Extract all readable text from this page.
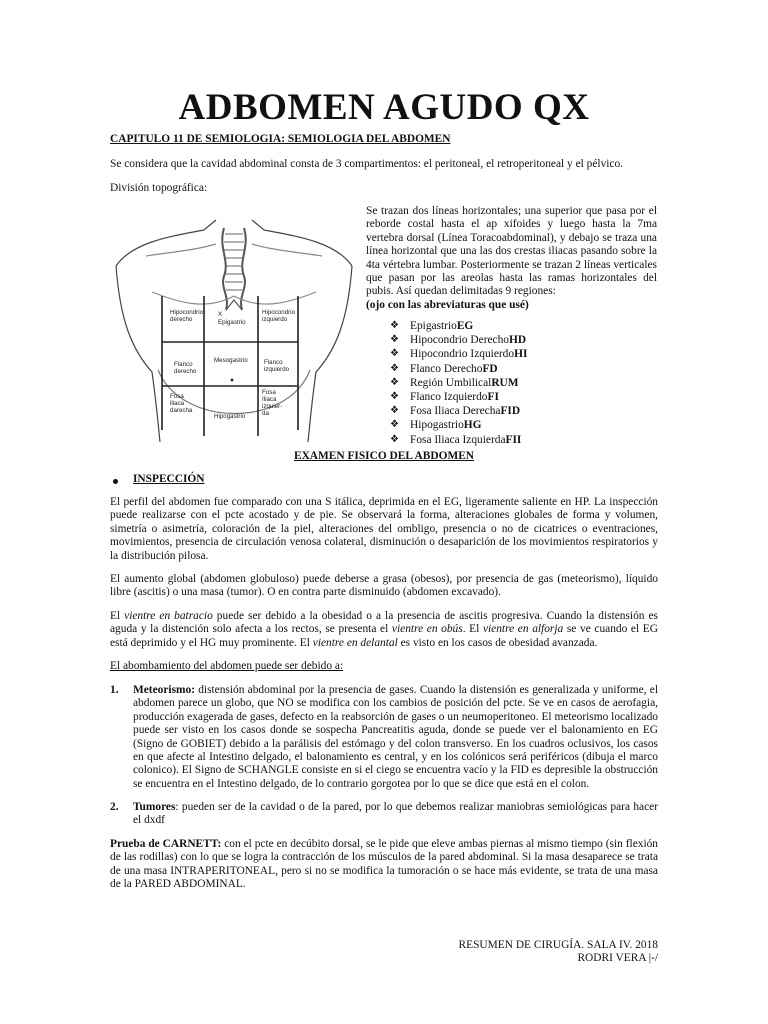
ADBOMEN AGUDO QX

CAPITULO 11 DE SEMIOLOGIA: SEMIOLOGIA DEL ABDOMEN

Se considera que la cavidad abdominal consta de 3 compartimentos: el peritoneal, el retroperitoneal y el pélvico.

División topográfica:

Hipocondrio derecho
X
Epigastrio
Hipocondrio izquierdo
Flanco derecho
Mesogastrio	Flanco izquierdo
Fosa iliaca darecha
Hipogastrio
Fosa Iliaca izquier-da

Se trazan dos líneas horizontales; una superior que pasa por el reborde costal hasta el ap xifoides y luego hasta la 7ma vertebra dorsal (Línea Toracoabdominal), y debajo se traza una línea horizontal que una las dos crestas iliacas pasando sobre la 4ta vértebra lumbar. Posteriormente se trazan 2 líneas verticales que pasan por las areolas hasta las ramas horizontales del pubis. Así quedan delimitadas 9 regiones:
(ojo con las abreviaturas que usé)

❖ Epigastrio EG
❖ Hipocondrio Derecho HD
❖ Hipocondrio Izquierdo HI
❖ Flanco Derecho FD
❖ Región Umbilical RUM
❖ Flanco Izquierdo FI
❖ Fosa Iliaca Derecha FID
❖ Hipogastrio HG
❖ Fosa Iliaca Izquierda FII

EXAMEN FISICO DEL ABDOMEN

INSPECCIÓN

El perfil del abdomen fue comparado con una S itálica, deprimida en el EG, ligeramente saliente en HP. La inspección puede realizarse con el pcte acostado y de pie. Se observará la forma, alteraciones globales de forma y volumen, simetría o asimetría, coloración de la piel, alteraciones del ombligo, presencia o no de cicatrices o eventraciones, movimientos, presencia de circulación venosa colateral, disminución o desaparición de los movimientos respiratorios y la distribución pilosa.

El aumento global (abdomen globuloso) puede deberse a grasa (obesos), por presencia de gas (meteorismo), líquido libre (ascitis) o una masa (tumor). O en contra parte disminuido (abdomen excavado).

El vientre en batracio puede ser debido a la obesidad o a la presencia de ascitis progresiva. Cuando la distensión es aguda y la distención solo afecta a los rectos, se presenta el vientre en obús. El vientre en alforja se ve cuando el EG está deprimido y el HG muy prominente. El vientre en delantal es visto en los casos de obesidad avanzada.

El abombamiento del abdomen puede ser debido a:

1. Meteorismo: distensión abdominal por la presencia de gases. Cuando la distensión es generalizada y uniforme, el abdomen parece un globo, que NO se modifica con los cambios de posición del pcte. Se ve en casos de aerofagia, producción exagerada de gases, defecto en la reabsorción de gases o un neumoperitoneo. El meteorismo localizado puede ser visto en los casos donde se sospecha Pancreatitis aguda, donde se puede ver el balonamiento en EG (Signo de GOBIET) debido a la parálisis del estómago y del colon transverso. En los cuadros oclusivos, los casos en que afecte al Intestino delgado, el balonamiento es central, y en los colónicos será periféricos (dibuja el marco colonico). El Signo de SCHANGLE consiste en si el ciego se encuentra vacío y la FID es depresible la obstrucción se encuentra en el Intestino delgado, de lo contrario gorgotea por lo que se dice que está en el colon.
2. Tumores: pueden ser de la cavidad o de la pared, por lo que debemos realizar maniobras semiológicas para hacer el dxdf

Prueba de CARNETT: con el pcte en decúbito dorsal, se le pide que eleve ambas piernas al mismo tiempo (sin flexión de las rodillas) con lo que se logra la contracción de los músculos de la pared abdominal. Si la masa desaparece se trata de una masa INTRAPERITONEAL, pero si no se modifica la tumoración o se hace más evidente, se trata de una masa de la PARED ABDOMINAL.

RESUMEN DE CIRUGÍA. SALA IV. 2018
RODRI VERA |-/
